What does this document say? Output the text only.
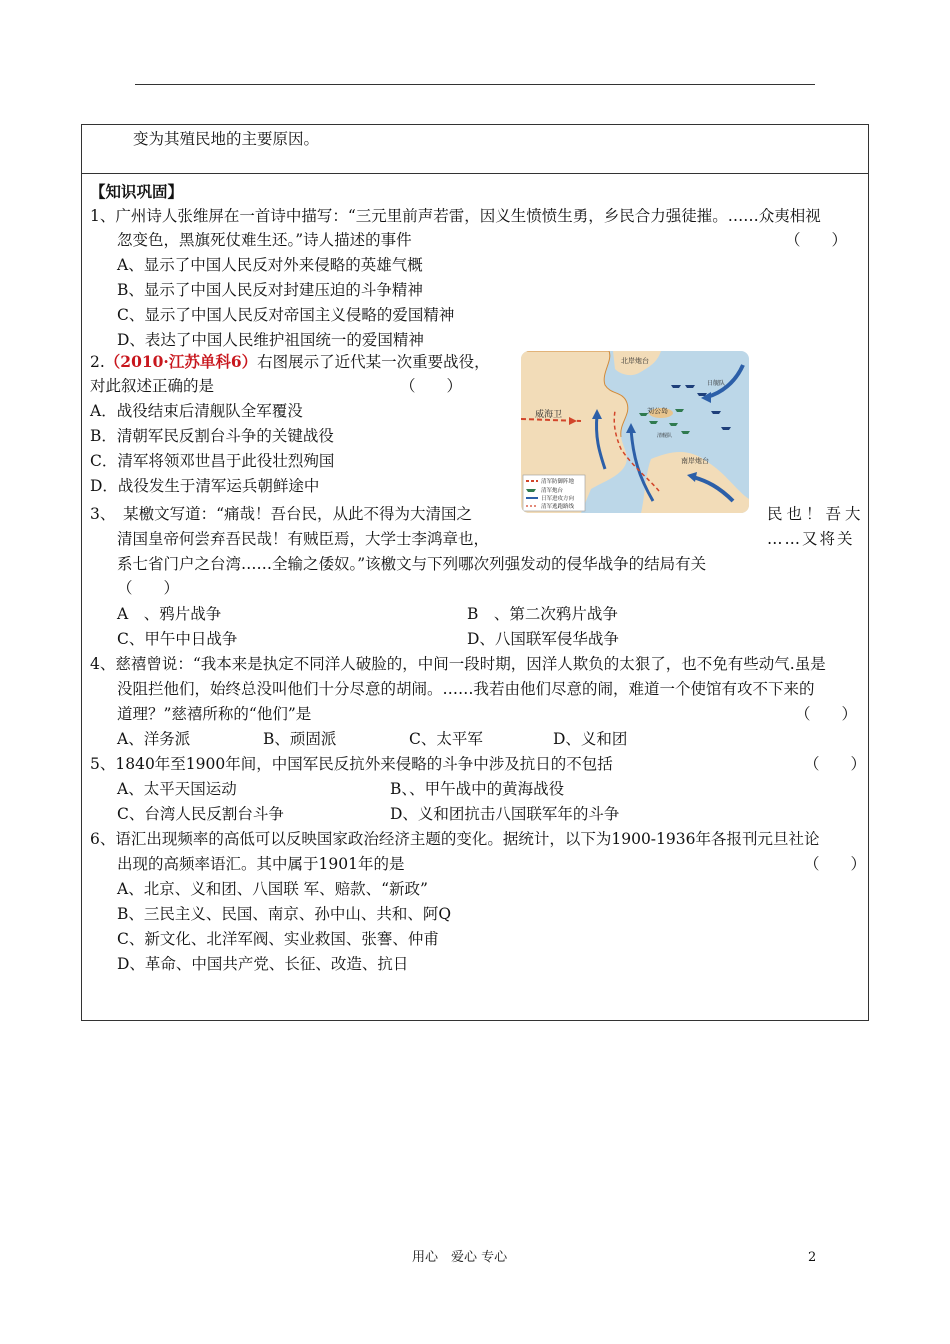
变为其殖民地的主要原因。
【知识巩固】
1、广州诗人张维屏在一首诗中描写：“三元里前声若雷，因义生愤愤生勇，乡民合力强徒摧。……众夷相视
忽变色，黑旗死仗难生还。”诗人描述的事件	（　　）
A、显示了中国人民反对外来侵略的英雄气概
B、显示了中国人民反对封建压迫的斗争精神
C、显示了中国人民反对帝国主义侵略的爱国精神
D、表达了中国人民维护祖国统一的爱国精神
2.（2010·江苏单科6）右图展示了近代某一次重要战役，
对此叙述正确的是	（　　）
A．战役结束后清舰队全军覆没
B．清朝军民反割台斗争的关键战役
C．清军将领邓世昌于此役壮烈殉国
D．战役发生于清军运兵朝鲜途中
威海卫	刘公岛
北岸炮台
南岸炮台
日舰队
清舰队
清军防御阵地
清军炮台
日军进攻方向
清军逃跑路线
3、　某檄文写道：“痛哉！吾台民，从此不得为大清国之	民也！吾大
清国皇帝何尝弃吾民哉！有贼臣焉，大学士李鸿章也，	……又将关
系七省门户之台湾……全输之倭奴。”该檄文与下列哪次列强发动的侵华战争的结局有关
（　　）
A　、鸦片战争	B　、第二次鸦片战争
C、甲午中日战争	D、八国联军侵华战争
4、慈禧曾说：“我本来是执定不同洋人破脸的，中间一段时期，因洋人欺负的太狠了，也不免有些动气.虽是
没阻拦他们，始终总没叫他们十分尽意的胡闹。……我若由他们尽意的闹，难道一个使馆有攻不下来的
道理？”慈禧所称的“他们”是	（　　）
A、洋务派	B、顽固派	C、太平军	D、义和团
5、1840年至1900年间，中国军民反抗外来侵略的斗争中涉及抗日的不包括	（　　）
A、太平天国运动	B、、甲午战中的黄海战役
C、台湾人民反割台斗争	D、义和团抗击八国联军年的斗争
6、语汇出现频率的高低可以反映国家政治经济主题的变化。据统计，以下为1900-1936年各报刊元旦社论
出现的高频率语汇。其中属于1901年的是	（　　）
A、北京、义和团、八国联 军、赔款、“新政”
B、三民主义、民国、南京、孙中山、共和、阿Q
C、新文化、北洋军阀、实业救国、张謇、仲甫
D、革命、中国共产党、长征、改造、抗日
用心　爱心 专心	2
